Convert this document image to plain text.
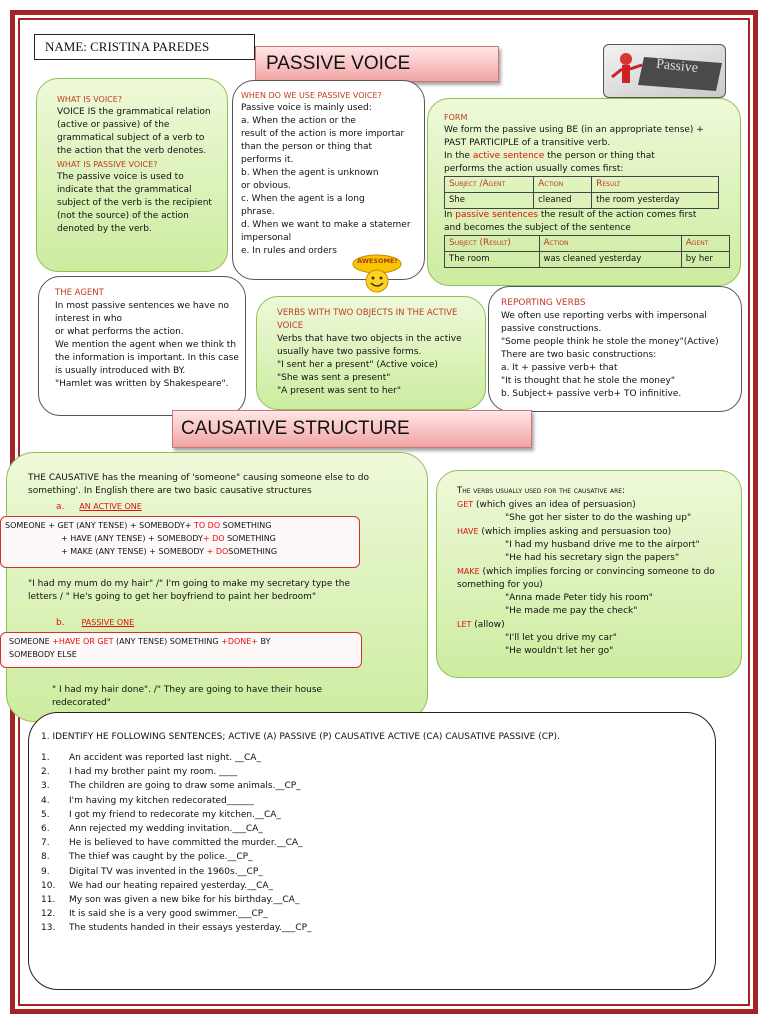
NAME: CRISTINA PAREDES
PASSIVE VOICE	Passive
WHAT IS VOICE?
VOICE IS the grammatical relation (active or passive) of the grammatical subject of a verb to the action that the verb denotes.
WHAT IS PASSIVE VOICE?
The passive voice is used to indicate that the grammatical subject of the verb is the recipient (not the source) of the action denoted by the verb.
WHEN DO WE USE PASSIVE VOICE?
Passive voice is mainly used:
a. When the action or the
result of the action is more importar
than the person or thing that
performs it.
b. When the agent is unknown
or obvious.
c. When the agent is a long
phrase.
d. When we want to make a statemer
impersonal
e. In rules and orders
AWESOME!
FORM
We form the passive using BE (in an appropriate tense) +
PAST PARTICIPLE of a transitive verb.
In the active sentence the person or thing that
performs the action usually comes first:
Subject /Agent	Action	Result
She	cleaned	the room yesterday
In passive sentences the result of the action comes first
and becomes the subject of the sentence
Subject (Result)	Action	Agent
The room	was cleaned yesterday	by her
THE AGENT
In most passive sentences we have no
interest in who
or what performs the action.
We mention the agent when we think th
the information is important. In this case
is usually introduced with BY.
"Hamlet was written by Shakespeare".
VERBS WITH TWO OBJECTS IN THE ACTIVE VOICE
Verbs that have two objects in the active
usually have two passive forms.
"I sent her a present" (Active voice)
"She was sent a present"
"A present was sent to her"
REPORTING VERBS
We often use reporting verbs with impersonal
passive constructions.
"Some people think he stole the money"(Active)
There are two basic constructions:
a. It + passive verb+ that
"It is thought that he stole the money"
b. Subject+ passive verb+ TO infinitive.
CAUSATIVE STRUCTURE
THE CAUSATIVE has the meaning of 'someone" causing someone else to do something'. In English there are two basic causative structures
a. AN ACTIVE ONE
SOMEONE + GET (ANY TENSE) + SOMEBODY+ TO DO SOMETHING
+ HAVE (ANY TENSE) + SOMEBODY+ DO SOMETHING
+ MAKE (ANY TENSE) + SOMEBODY + DOSOMETHING
"I had my mum do my hair" /" I'm going to make my secretary type the letters / " He's going to get her boyfriend to paint her bedroom"
b. PASSIVE ONE
SOMEONE +HAVE OR GET (ANY TENSE) SOMETHING +DONE+ BY
SOMEBODY ELSE
" I had my hair done". /" They are going to have their house redecorated"
The verbs usually used for the causative are:
GET (which gives an idea of persuasion)
"She got her sister to do the washing up"
HAVE (which implies asking and persuasion too)
"I had my husband drive me to the airport"
"He had his secretary sign the papers"
MAKE (which implies forcing or convincing someone to do something for you)
"Anna made Peter tidy his room"
"He made me pay the check"
LET (allow)
"I'll let you drive my car"
"He wouldn't let her go"
1. IDENTIFY HE FOLLOWING SENTENCES; ACTIVE (A) PASSIVE (P) CAUSATIVE ACTIVE (CA) CAUSATIVE PASSIVE (CP).
1. An accident was reported last night. __CA_
2. I had my brother paint my room. ____
3. The children are going to draw some animals.__CP_
4. I'm having my kitchen redecorated______
5. I got my friend to redecorate my kitchen.__CA_
6. Ann rejected my wedding invitation.___CA_
7. He is believed to have committed the murder.__CA_
8. The thief was caught by the police.__CP_
9. Digital TV was invented in the 1960s.__CP_
10. We had our heating repaired yesterday.__CA_
11. My son was given a new bike for his birthday.__CA_
12. It is said she is a very good swimmer.___CP_
13. The students handed in their essays yesterday.___CP_
